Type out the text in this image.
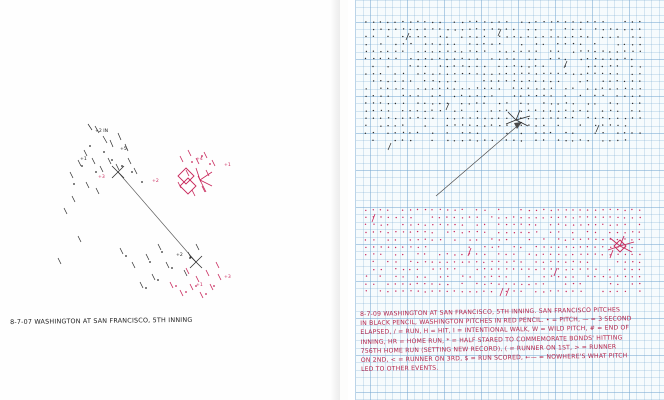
+2 IN
+5
+1
+3
+2
+4
+1
+2
+1
+3
8-7-07 WASHINGTON AT SAN FRANCISCO, 5TH INNING
8-7-09 WASHINGTON AT SAN FRANCISCO, 5TH INNING. SAN FRANCISCO PITCHES
IN BLACK PENCIL, WASHINGTON PITCHES IN RED PENCIL. • = PITCH, — = 3 SECOND
ELAPSED, / = RUN, H = HIT, I = INTENTIONAL WALK, W = WILD PITCH, # = END OF
INNING, HR = HOME RUN, * = HALF STARED TO COMMEMORATE BONDS' HITTING
756TH HOME RUN (SETTING NEW RECORD), ( = RUNNER ON 1ST, > = RUNNER
ON 2ND, < = RUNNER ON 3RD, $ = RUN SCORED, ←— = NOWHERE'S WHAT PITCH
LED TO OTHER EVENTS.
